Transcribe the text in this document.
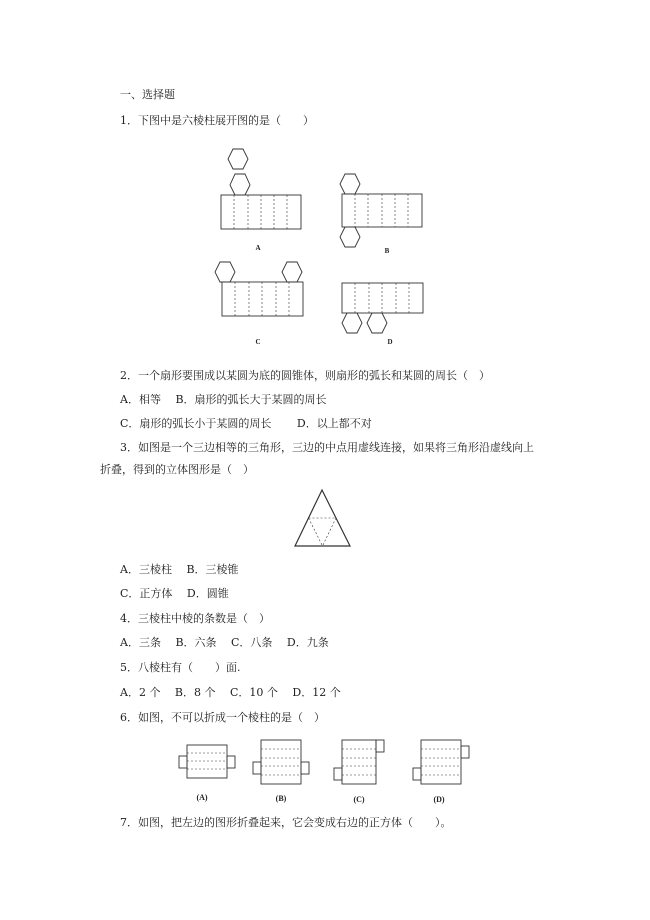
一、选择题
1．下图中是六棱柱展开图的是（　　）
A	B
C	D
(A)	(B)	(C)	(D)
2．一个扇形要围成以某圆为底的圆锥体，则扇形的弧长和某圆的周长（　）
A．相等　 B．扇形的弧长大于某圆的周长
C．扇形的弧长小于某圆的周长　　 D．以上都不对
3．如图是一个三边相等的三角形，三边的中点用虚线连接，如果将三角形沿虚线向上
折叠，得到的立体图形是（　）
A．三棱柱　 B．三棱锥
C．正方体　 D．圆锥
4．三棱柱中棱的条数是（　）
A．三条　 B．六条　 C．八条　 D．九条
5．八棱柱有（　　）面.
A．2 个　 B．8 个　 C．10 个　 D．12 个
6．如图，不可以折成一个棱柱的是（　）
7．如图，把左边的图形折叠起来，它会变成右边的正方体（　　）。
